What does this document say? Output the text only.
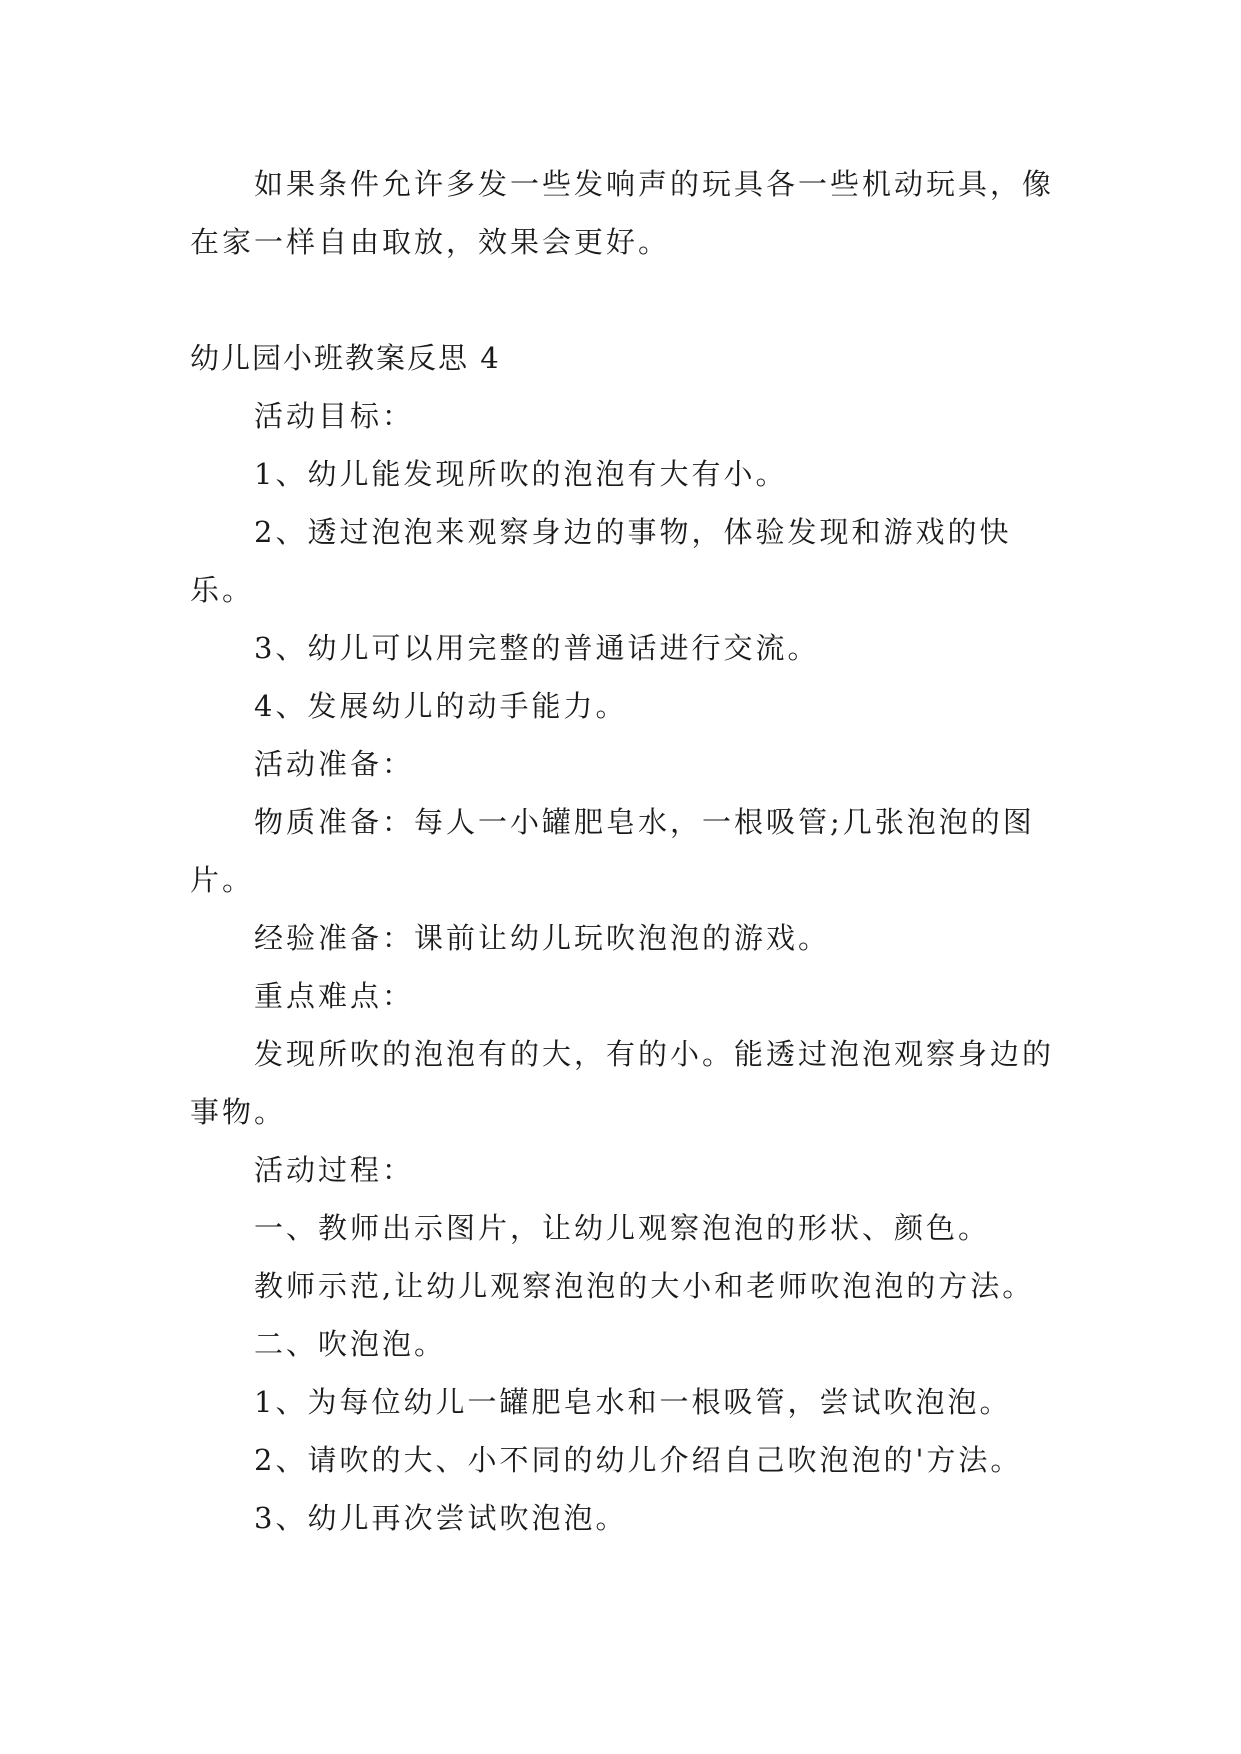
如果条件允许多发一些发响声的玩具各一些机动玩具，像在家一样自由取放，效果会更好。

幼儿园小班教案反思 4

活动目标：

1、幼儿能发现所吹的泡泡有大有小。

2、透过泡泡来观察身边的事物，体验发现和游戏的快乐。

3、幼儿可以用完整的普通话进行交流。

4、发展幼儿的动手能力。

活动准备：

物质准备：每人一小罐肥皂水，一根吸管;几张泡泡的图片。

经验准备：课前让幼儿玩吹泡泡的游戏。

重点难点：

发现所吹的泡泡有的大，有的小。能透过泡泡观察身边的事物。

活动过程：

一、教师出示图片，让幼儿观察泡泡的形状、颜色。

教师示范,让幼儿观察泡泡的大小和老师吹泡泡的方法。

二、吹泡泡。

1、为每位幼儿一罐肥皂水和一根吸管，尝试吹泡泡。

2、请吹的大、小不同的幼儿介绍自己吹泡泡的'方法。

3、幼儿再次尝试吹泡泡。
